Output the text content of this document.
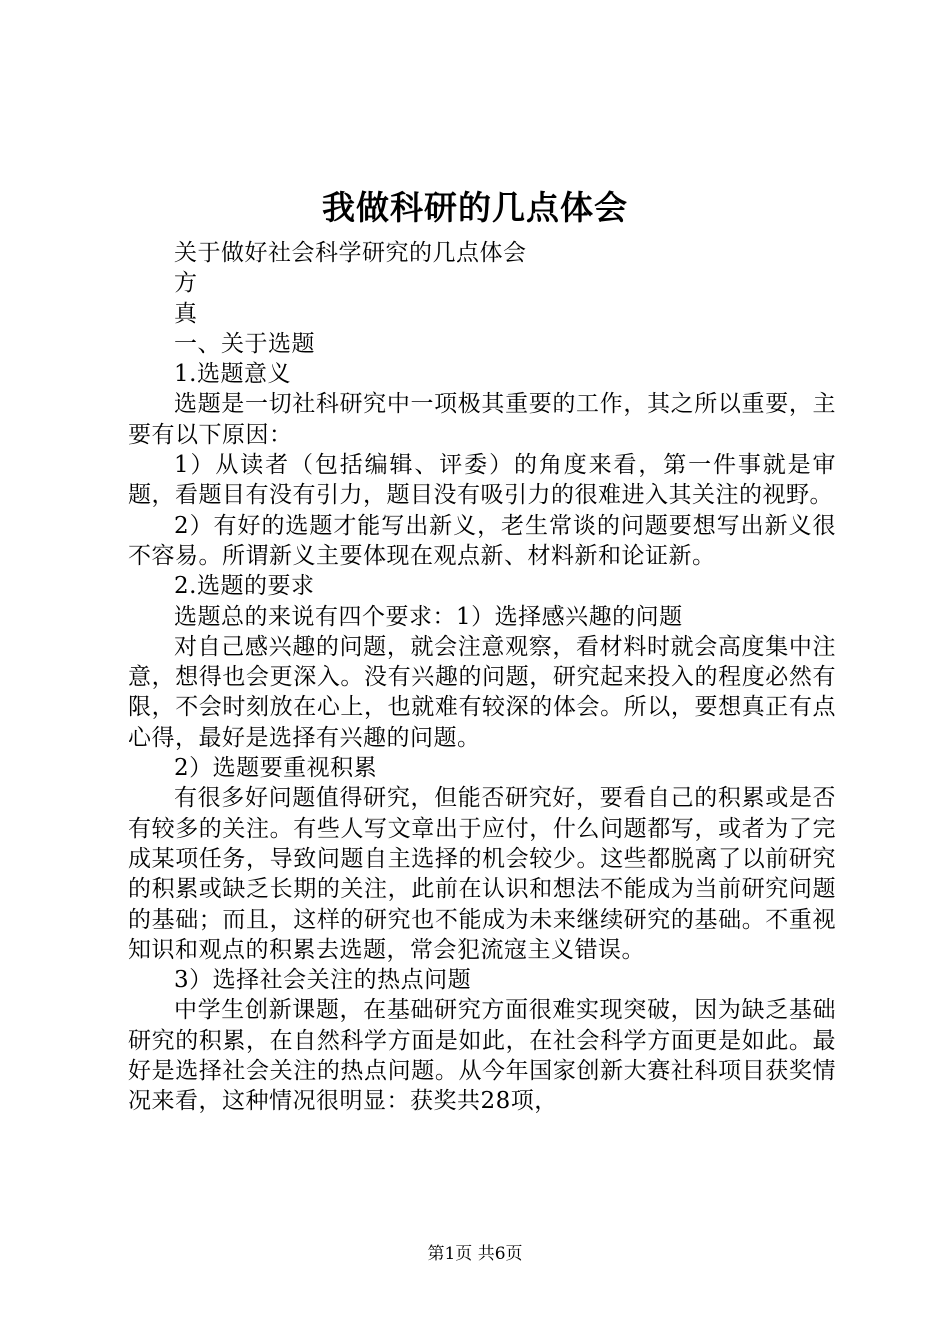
我做科研的几点体会

关于做好社会科学研究的几点体会

方

真

一、关于选题

1.选题意义

选题是一切社科研究中一项极其重要的工作，其之所以重要，主要有以下原因：

1）从读者（包括编辑、评委）的角度来看，第一件事就是审题，看题目有没有引力，题目没有吸引力的很难进入其关注的视野。

2）有好的选题才能写出新义，老生常谈的问题要想写出新义很不容易。所谓新义主要体现在观点新、材料新和论证新。

2.选题的要求

选题总的来说有四个要求：1）选择感兴趣的问题

对自己感兴趣的问题，就会注意观察，看材料时就会高度集中注意，想得也会更深入。没有兴趣的问题，研究起来投入的程度必然有限，不会时刻放在心上，也就难有较深的体会。所以，要想真正有点心得，最好是选择有兴趣的问题。

2）选题要重视积累

有很多好问题值得研究，但能否研究好，要看自己的积累或是否有较多的关注。有些人写文章出于应付，什么问题都写，或者为了完成某项任务，导致问题自主选择的机会较少。这些都脱离了以前研究的积累或缺乏长期的关注，此前在认识和想法不能成为当前研究问题的基础；而且，这样的研究也不能成为未来继续研究的基础。不重视知识和观点的积累去选题，常会犯流寇主义错误。

3）选择社会关注的热点问题

中学生创新课题，在基础研究方面很难实现突破，因为缺乏基础研究的积累，在自然科学方面是如此，在社会科学方面更是如此。最好是选择社会关注的热点问题。从今年国家创新大赛社科项目获奖情况来看，这种情况很明显：获奖共28项，

第1页 共6页
